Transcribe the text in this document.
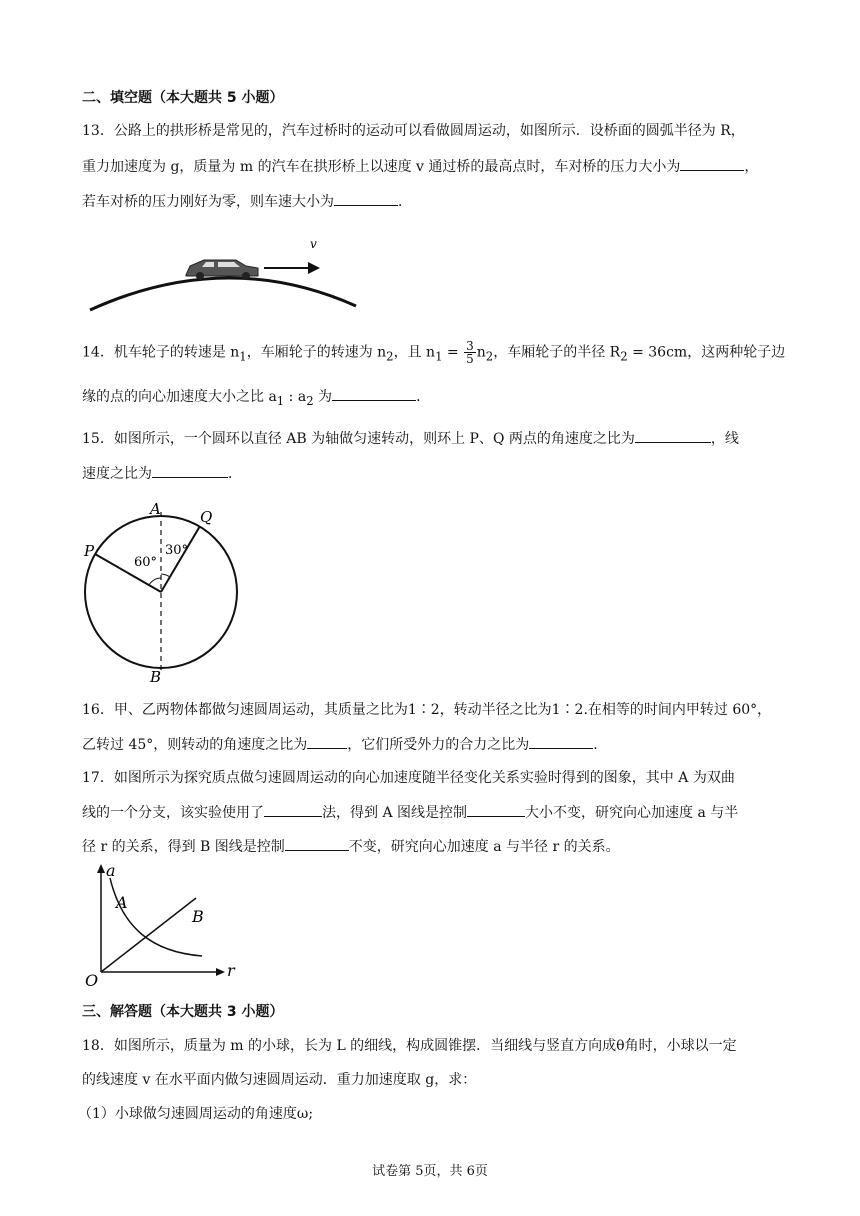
二、填空题（本大题共 5 小题）
13．公路上的拱形桥是常见的，汽车过桥时的运动可以看做圆周运动，如图所示．设桥面的圆弧半径为 R，
重力加速度为 g，质量为 m 的汽车在拱形桥上以速度 v 通过桥的最高点时，车对桥的压力大小为	，
若车对桥的压力刚好为零，则车速大小为	．
v
14．机车轮子的转速是 $n_1$，车厢轮子的转速为 $n_2$，且 $n_1 = \frac{3}{5} n_2$，车厢轮子的半径 $R_2 = 36cm$，这两种轮子边
缘的点的向心加速度大小之比 $a_1$ : $a_2$ 为	．
15．如图所示，一个圆环以直径 AB 为轴做匀速转动，则环上 P、Q 两点的角速度之比为	，线
速度之比为	．
A
B
P
Q
60°
30°
16．甲、乙两物体都做匀速圆周运动，其质量之比为1∶2，转动半径之比为1∶2.在相等的时间内甲转过 60°，
乙转过 45°，则转动的角速度之比为	，它们所受外力的合力之比为	.
17．如图所示为探究质点做匀速圆周运动的向心加速度随半径变化关系实验时得到的图象，其中 A 为双曲
线的一个分支，该实验使用了	法，得到 A 图线是控制	大小不变，研究向心加速度 a 与半
径 r 的关系，得到 B 图线是控制	不变，研究向心加速度 a 与半径 r 的关系。
a
r
O
A
B
三、解答题（本大题共 3 小题）
18．如图所示，质量为 m 的小球，长为 L 的细线，构成圆锥摆．当细线与竖直方向成θ角时，小球以一定
的线速度 v 在水平面内做匀速圆周运动．重力加速度取 g，求：
（1）小球做匀速圆周运动的角速度ω;
试卷第 5页，共 6页
